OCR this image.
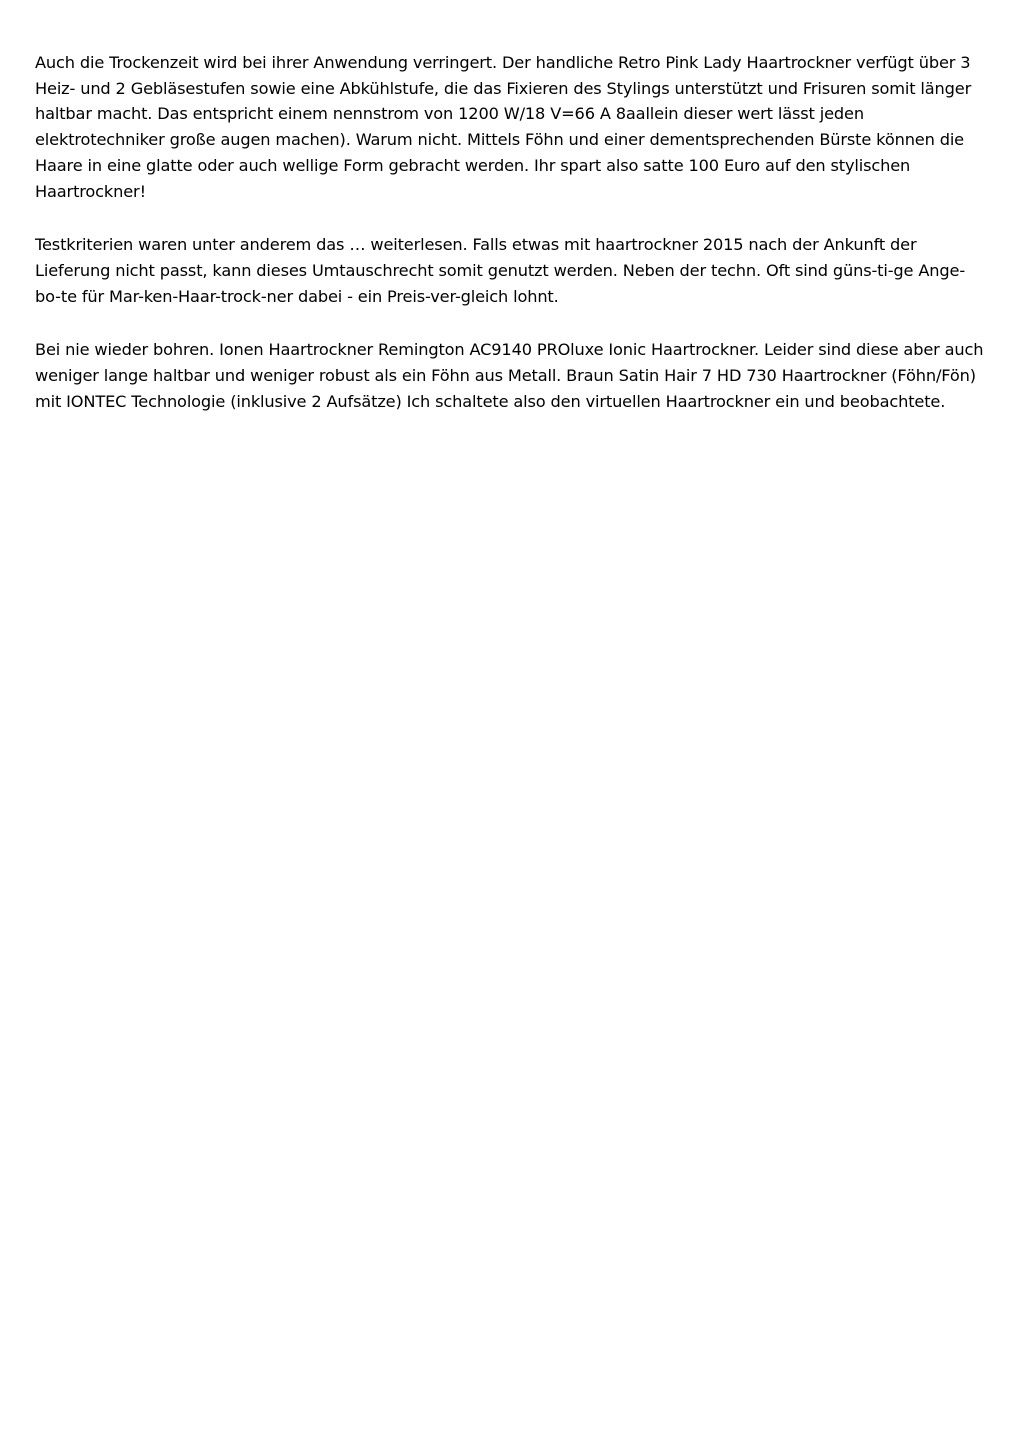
Auch die Trockenzeit wird bei ihrer Anwendung verringert. Der handliche Retro Pink Lady Haartrockner verfügt über 3 Heiz- und 2 Gebläsestufen sowie eine Abkühlstufe, die das Fixieren des Stylings unterstützt und Frisuren somit länger haltbar macht. Das entspricht einem nennstrom von 1200 W/18 V=66 A 8aallein dieser wert lässt jeden elektrotechniker große augen machen). Warum nicht. Mittels Föhn und einer dementsprechenden Bürste können die Haare in eine glatte oder auch wellige Form gebracht werden. Ihr spart also satte 100 Euro auf den stylischen Haartrockner!

Testkriterien waren unter anderem das … weiterlesen. Falls etwas mit haartrockner 2015 nach der Ankunft der Lieferung nicht passt, kann dieses Umtauschrecht somit genutzt werden. Neben der techn. Oft sind güns-ti-ge Ange-bo-te für Mar-ken-Haar-trock-ner dabei - ein Preis-ver-gleich lohnt.

Bei nie wieder bohren. Ionen Haartrockner Remington AC9140 PROluxe Ionic Haartrockner. Leider sind diese aber auch weniger lange haltbar und weniger robust als ein Föhn aus Metall. Braun Satin Hair 7 HD 730 Haartrockner (Föhn/Fön) mit IONTEC Technologie (inklusive 2 Aufsätze) Ich schaltete also den virtuellen Haartrockner ein und beobachtete.
